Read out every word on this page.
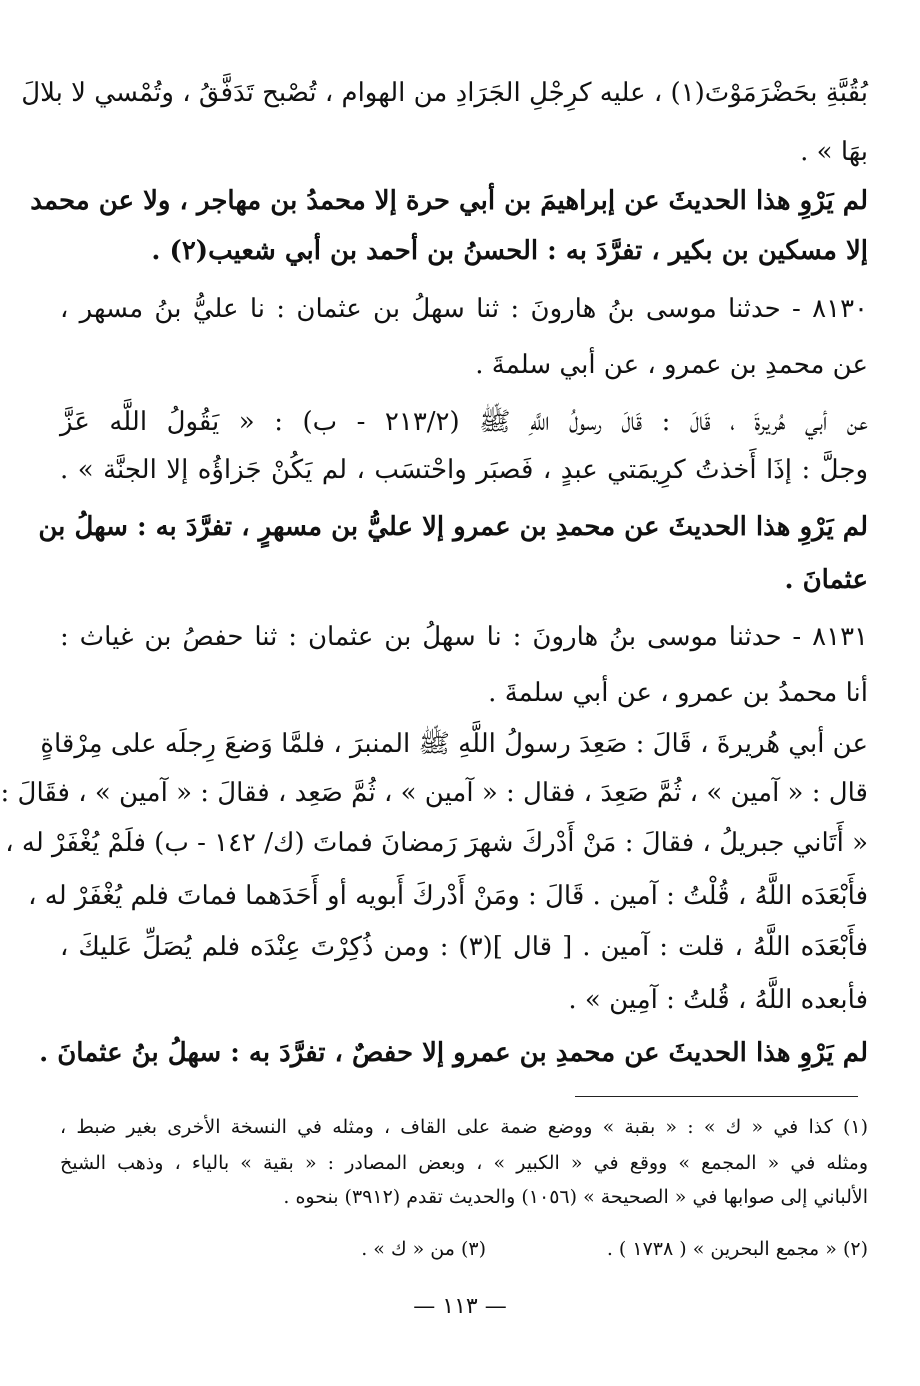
بُقُبَّةِ بحَضْرَمَوْتَ(١) ، عليه كرِجْلِ الجَرَادِ من الهوام ، تُصْبح تَدَفَّقُ ، وتُمْسي لا بلالَ
بهَا » .
لم يَرْوِ هذا الحديثَ عن إبراهيمَ بن أبي حرة إلا محمدُ بن مهاجر ، ولا عن محمد
إلا مسكين بن بكير ، تفرَّدَ به : الحسنُ بن أحمد بن أبي شعيب(٢) .
٨١٣٠ - حدثنا موسى بنُ هارونَ : ثنا سهلُ بن عثمان : نا عليُّ بنُ مسهر ،
عن محمدِ بن عمرو ، عن أبي سلمةَ .
عن أبي هُريرةَ ، قَالَ : قَالَ رسولُ اللَّهِ ﷺ (٢١٣/٢ - ب) : « يَقُولُ اللَّه عَزَّ
وجلَّ : إذَا أَخذتُ كرِيمَتي عبدٍ ، فَصبَر واحْتسَب ، لم يَكُنْ جَزاؤُه إلا الجنَّة » .
لم يَرْوِ هذا الحديثَ عن محمدِ بن عمرو إلا عليُّ بن مسهرٍ ، تفرَّدَ به : سهلُ بن
عثمانَ .
٨١٣١ - حدثنا موسى بنُ هارونَ : نا سهلُ بن عثمان : ثنا حفصُ بن غياث :
أنا محمدُ بن عمرو ، عن أبي سلمةَ .
عن أبي هُريرةَ ، قَالَ : صَعِدَ رسولُ اللَّهِ ﷺ المنبرَ ، فلمَّا وَضعَ رِجلَه على مِرْقاةٍ
قال : « آمين » ، ثُمَّ صَعِدَ ، فقال : « آمين » ، ثُمَّ صَعِد ، فقالَ : « آمين » ، فقَالَ :
« أَتَاني جبريلُ ، فقالَ : مَنْ أَدْركَ شهرَ رَمضانَ فماتَ (ك/ ١٤٢ - ب) فلَمْ يُغْفَرْ له ،
فأَبْعَدَه اللَّهُ ، قُلْتُ : آمين . قَالَ : ومَنْ أَدْركَ أَبويه أو أَحَدَهما فماتَ فلم يُغْفَرْ له ،
فأَبْعَدَه اللَّهُ ، قلت : آمين . [ قال ](٣) : ومن ذُكِرْتَ عِنْدَه فلم يُصَلِّ عَليكَ ،
فأبعده اللَّهُ ، قُلتُ : آمِين » .
لم يَرْوِ هذا الحديثَ عن محمدِ بن عمرو إلا حفصٌ ، تفرَّدَ به : سهلُ بنُ عثمانَ .
(١) كذا في « ك » : « بقبة » ووضع ضمة على القاف ، ومثله في النسخة الأخرى بغير ضبط ،
ومثله في « المجمع » ووقع في « الكبير » ، وبعض المصادر : « بقية » بالياء ، وذهب الشيخ
الألباني إلى صوابها في « الصحيحة » (١٠٥٦) والحديث تقدم (٣٩١٢) بنحوه .
(٢) « مجمع البحرين » ( ١٧٣٨ ) .                    (٣) من « ك » .
— ١١٣ —
